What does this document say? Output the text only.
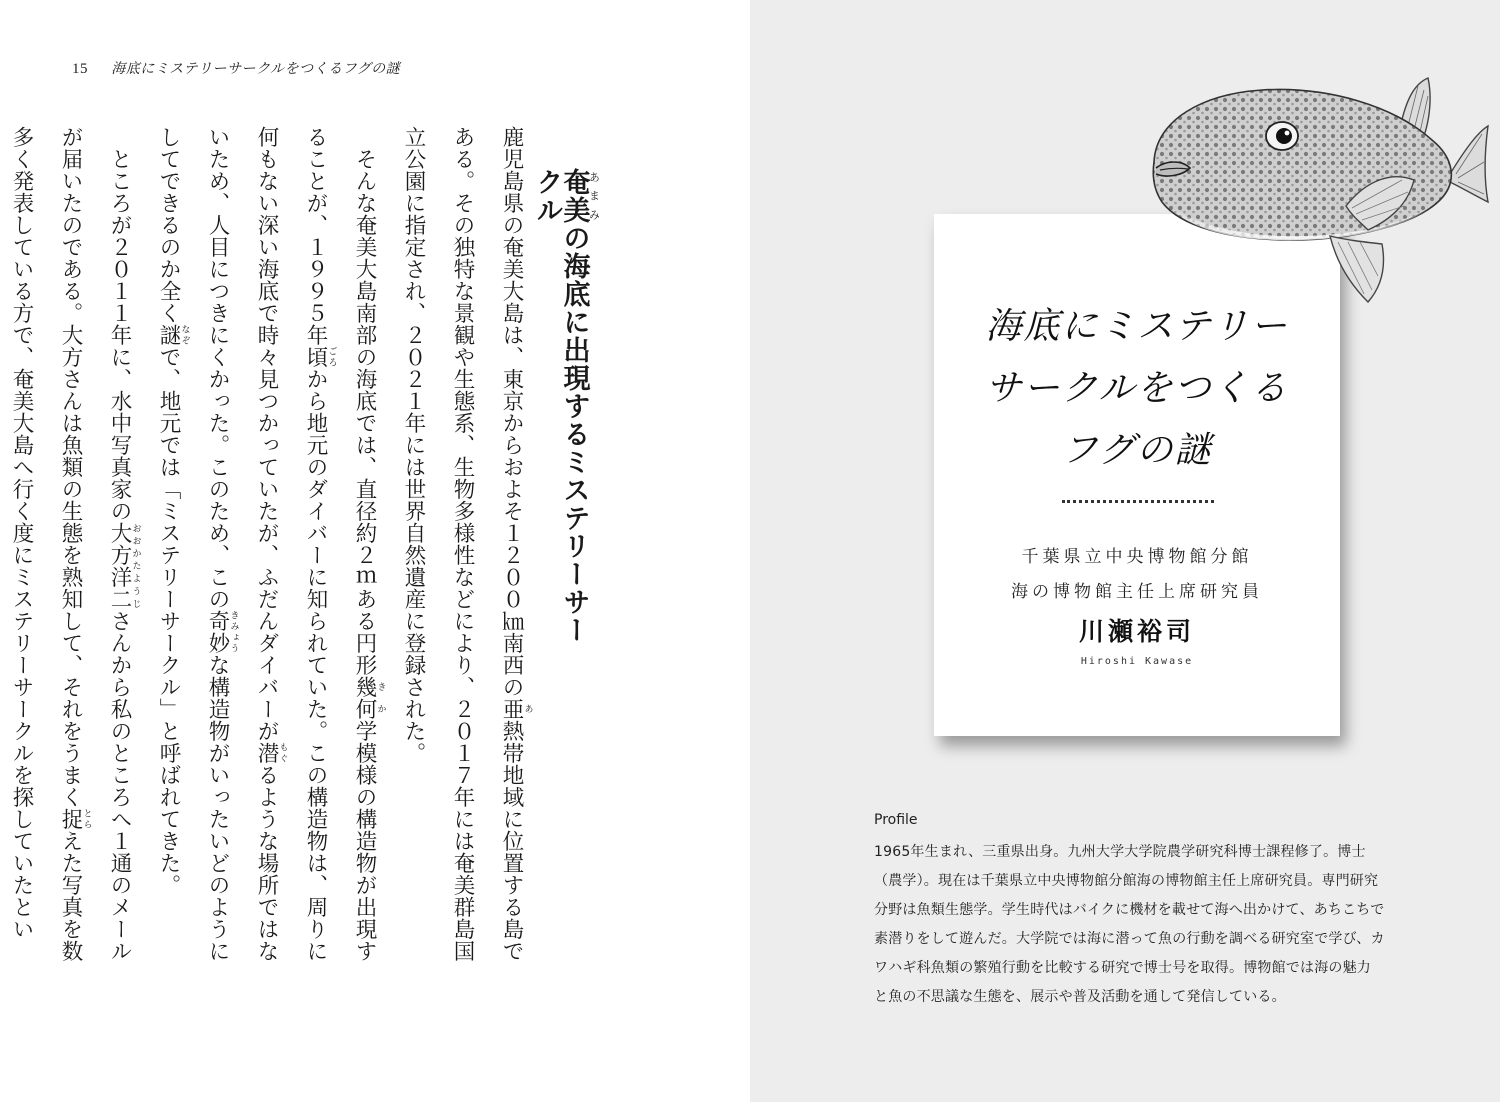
15 海底にミステリーサークルをつくるフグの謎
奄美あまみの海底に出現するミステリーサークル

鹿児島県の奄美大島は、東京からおよそ１２００㎞南西の亜あ熱帯地域に位置する島である。その独特な景観や生態系、生物多様性などにより、２０１７年には奄美群島国立公園に指定され、２０２１年には世界自然遺産に登録された。

そんな奄美大島南部の海底では、直径約２ｍある円形幾何きか学模様の構造物が出現することが、１９９５年頃ごろから地元のダイバーに知られていた。この構造物は、周りに何もない深い海底で時々見つかっていたが、ふだんダイバーが潜もぐるような場所ではないため、人目につきにくかった。このため、この奇妙きみょうな構造物がいったいどのようにしてできるのか全く謎なぞで、地元では「ミステリーサークル」と呼ばれてきた。

ところが２０１１年に、水中写真家の大方洋二おおかたようじさんから私のところへ１通のメールが届いたのである。大方さんは魚類の生態を熟知して、それをうまく捉とらえた写真を数多く発表している方で、奄美大島へ行く度にミステリーサークルを探していたとい

海底にミステリー
サークルをつくる
フグの謎
千葉県立中央博物館分館
海の博物館主任上席研究員
川瀬裕司
Hiroshi Kawase
Profile
1965年生まれ、三重県出身。九州大学大学院農学研究科博士課程修了。博士
（農学）。現在は千葉県立中央博物館分館海の博物館主任上席研究員。専門研究
分野は魚類生態学。学生時代はバイクに機材を載せて海へ出かけて、あちこちで
素潜りをして遊んだ。大学院では海に潜って魚の行動を調べる研究室で学び、カ
ワハギ科魚類の繁殖行動を比較する研究で博士号を取得。博物館では海の魅力
と魚の不思議な生態を、展示や普及活動を通して発信している。
